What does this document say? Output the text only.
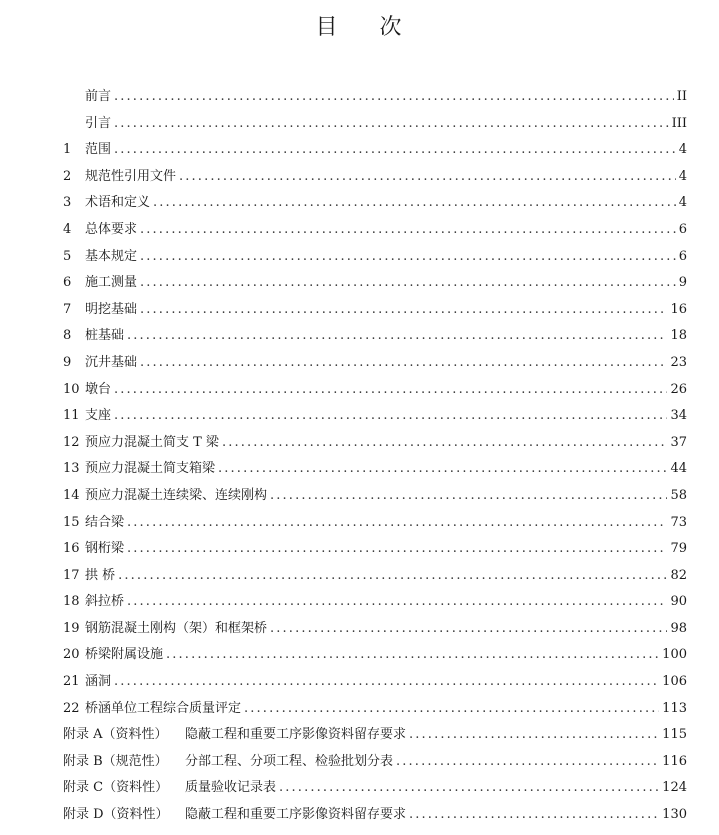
目 次
前言 . . .	II
引言 . . .	III
1	范围 . . .	4
2	规范性引用文件 . . .	4
3	术语和定义 . . .	4
4	总体要求 . . .	6
5	基本规定 . . .	6
6	施工测量 . . .	9
7	明挖基础 . . .	16
8	桩基础 . . .	18
9	沉井基础 . . .	23
10 墩台 . . .	26
11 支座 . . .	34
12 预应力混凝土简支 T 梁 . . .	37
13 预应力混凝土简支箱梁 . . .	44
14 预应力混凝土连续梁、连续刚构 . . .	58
15 结合梁 . . .	73
16 钢桁梁 . . .	79
17 拱 桥 . . .	82
18 斜拉桥 . . .	90
19 钢筋混凝土刚构（架）和框架桥 . . .	98
20 桥梁附属设施 . . .	100
21 涵洞 . . .	106
22 桥涵单位工程综合质量评定 . . .	113
附录 A（资料性）	隐蔽工程和重要工序影像资料留存要求 . . .	115
附录 B（规范性）	分部工程、分项工程、检验批划分表 . . .	116
附录 C（资料性）	质量验收记录表 . . .	124
附录 D（资料性）	隐蔽工程和重要工序影像资料留存要求 . . .	130
